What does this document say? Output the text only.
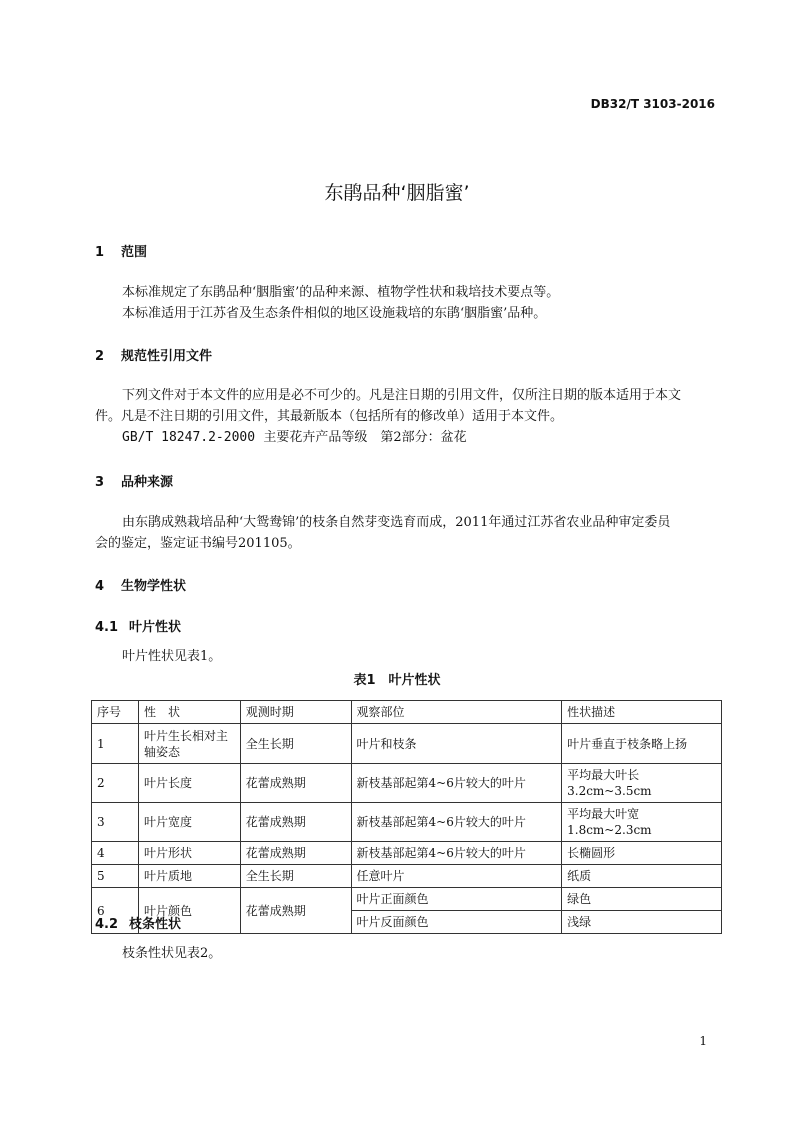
DB32/T 3103-2016
东鹃品种‘胭脂蜜’
1 范围
本标准规定了东鹃品种‘胭脂蜜’的品种来源、植物学性状和栽培技术要点等。
本标准适用于江苏省及生态条件相似的地区设施栽培的东鹃‘胭脂蜜’品种。
2 规范性引用文件
下列文件对于本文件的应用是必不可少的。凡是注日期的引用文件，仅所注日期的版本适用于本文
件。凡是不注日期的引用文件，其最新版本（包括所有的修改单）适用于本文件。
GB/T 18247.2-2000 主要花卉产品等级　第2部分：盆花
3 品种来源
由东鹃成熟栽培品种‘大鸳鸯锦’的枝条自然芽变选育而成，2011年通过江苏省农业品种审定委员
会的鉴定，鉴定证书编号201105。
4 生物学性状
4.1 叶片性状
叶片性状见表1。
表1　叶片性状
序号	性　状	观测时期	观察部位	性状描述
1	叶片生长相对主轴姿态	全生长期	叶片和枝条	叶片垂直于枝条略上扬
2	叶片长度	花蕾成熟期	新枝基部起第4~6片较大的叶片	平均最大叶长3.2cm~3.5cm
3	叶片宽度	花蕾成熟期	新枝基部起第4~6片较大的叶片	平均最大叶宽1.8cm~2.3cm
4	叶片形状	花蕾成熟期	新枝基部起第4~6片较大的叶片	长椭圆形
5	叶片质地	全生长期	任意叶片	纸质
6	叶片颜色	花蕾成熟期	叶片正面颜色	绿色
			叶片反面颜色	浅绿
4.2 枝条性状
枝条性状见表2。
1
